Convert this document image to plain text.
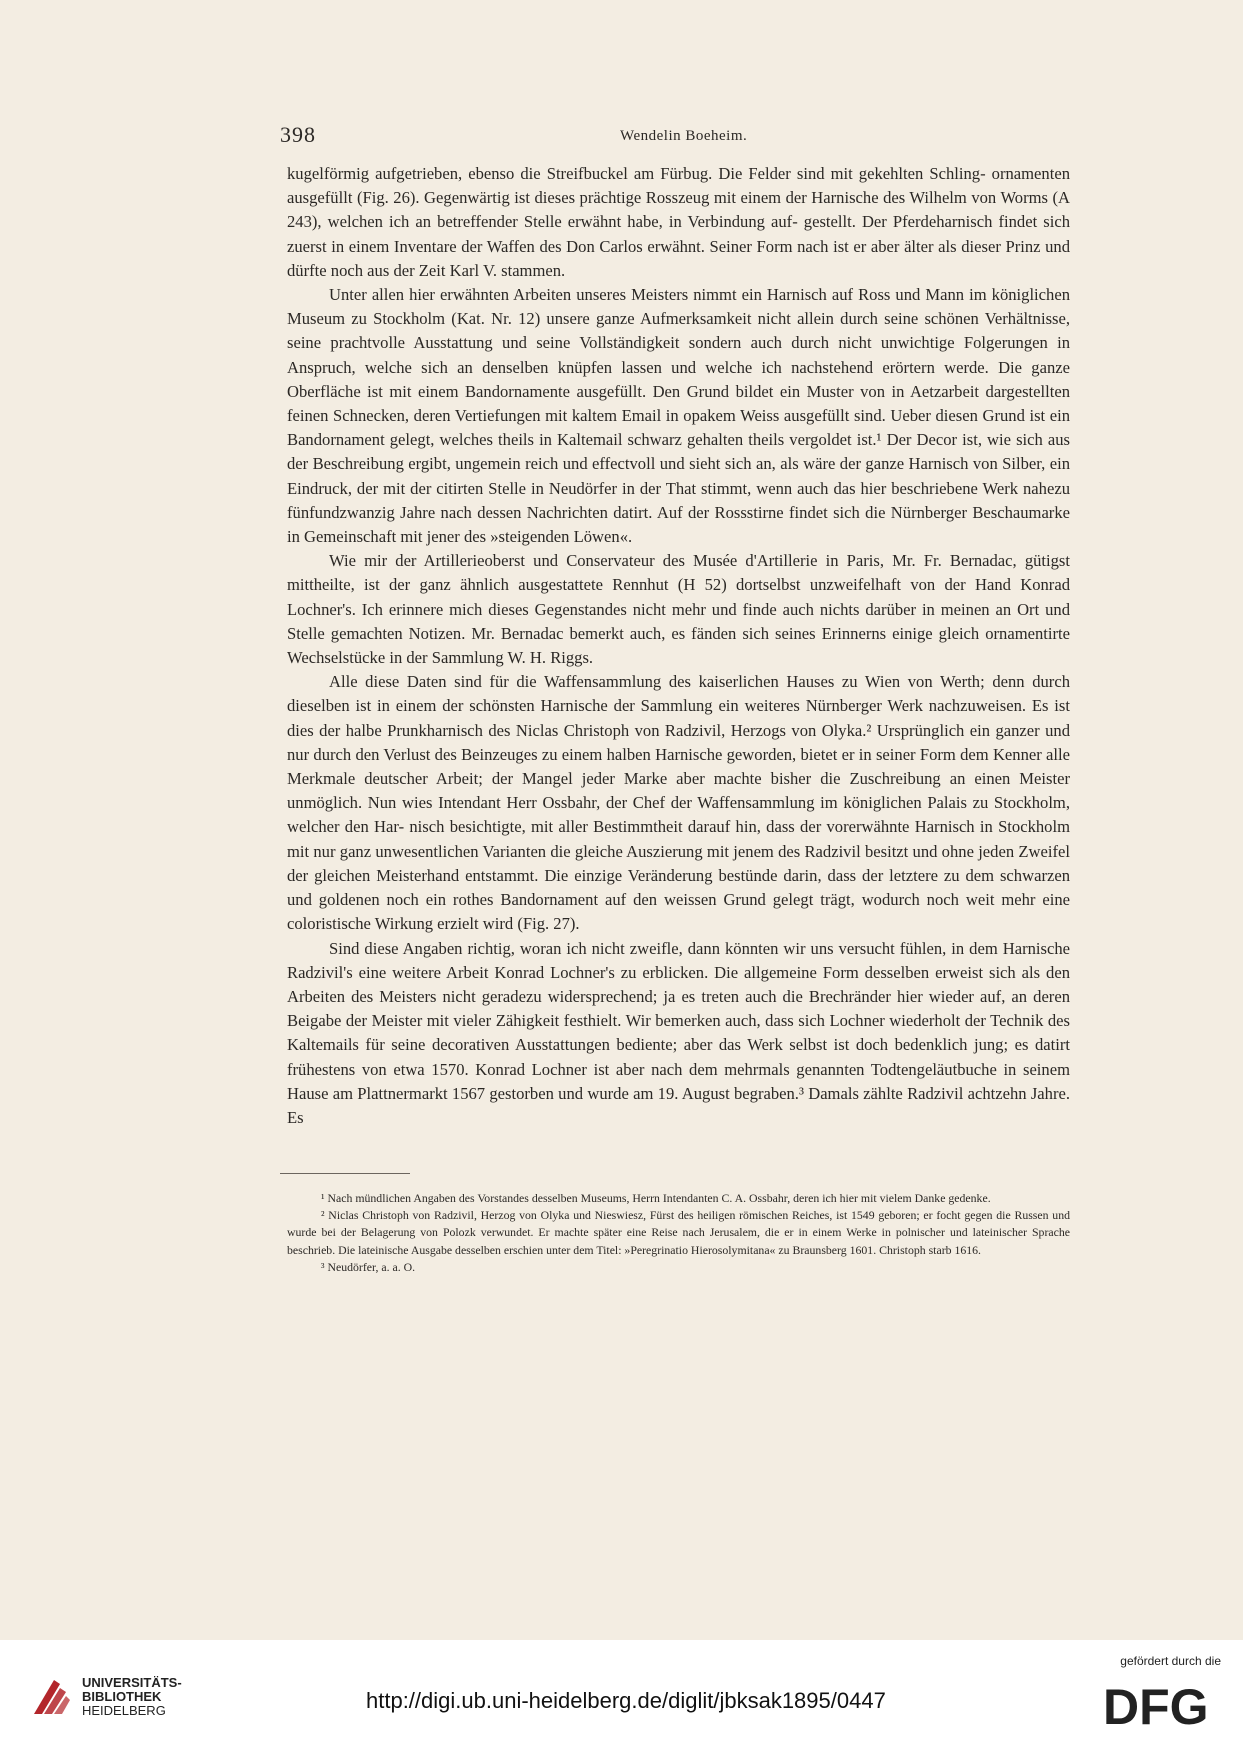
398	Wendelin Boeheim.

kugelförmig aufgetrieben, ebenso die Streifbuckel am Fürbug. Die Felder sind mit gekehlten Schling- ornamenten ausgefüllt (Fig. 26). Gegenwärtig ist dieses prächtige Rosszeug mit einem der Harnische des Wilhelm von Worms (A 243), welchen ich an betreffender Stelle erwähnt habe, in Verbindung auf- gestellt. Der Pferdeharnisch findet sich zuerst in einem Inventare der Waffen des Don Carlos erwähnt. Seiner Form nach ist er aber älter als dieser Prinz und dürfte noch aus der Zeit Karl V. stammen.

Unter allen hier erwähnten Arbeiten unseres Meisters nimmt ein Harnisch auf Ross und Mann im königlichen Museum zu Stockholm (Kat. Nr. 12) unsere ganze Aufmerksamkeit nicht allein durch seine schönen Verhältnisse, seine prachtvolle Ausstattung und seine Vollständigkeit sondern auch durch nicht unwichtige Folgerungen in Anspruch, welche sich an denselben knüpfen lassen und welche ich nachstehend erörtern werde. Die ganze Oberfläche ist mit einem Bandornamente ausgefüllt. Den Grund bildet ein Muster von in Aetzarbeit dargestellten feinen Schnecken, deren Vertiefungen mit kaltem Email in opakem Weiss ausgefüllt sind. Ueber diesen Grund ist ein Bandornament gelegt, welches theils in Kaltemail schwarz gehalten theils vergoldet ist.¹ Der Decor ist, wie sich aus der Beschreibung ergibt, ungemein reich und effectvoll und sieht sich an, als wäre der ganze Harnisch von Silber, ein Eindruck, der mit der citirten Stelle in Neudörfer in der That stimmt, wenn auch das hier beschriebene Werk nahezu fünfundzwanzig Jahre nach dessen Nachrichten datirt. Auf der Rossstirne findet sich die Nürnberger Beschaumarke in Gemeinschaft mit jener des »steigenden Löwen«.

Wie mir der Artillerieoberst und Conservateur des Musée d'Artillerie in Paris, Mr. Fr. Bernadac, gütigst mittheilte, ist der ganz ähnlich ausgestattete Rennhut (H 52) dortselbst unzweifelhaft von der Hand Konrad Lochner's. Ich erinnere mich dieses Gegenstandes nicht mehr und finde auch nichts darüber in meinen an Ort und Stelle gemachten Notizen. Mr. Bernadac bemerkt auch, es fänden sich seines Erinnerns einige gleich ornamentirte Wechselstücke in der Sammlung W. H. Riggs.

Alle diese Daten sind für die Waffensammlung des kaiserlichen Hauses zu Wien von Werth; denn durch dieselben ist in einem der schönsten Harnische der Sammlung ein weiteres Nürnberger Werk nachzuweisen. Es ist dies der halbe Prunkharnisch des Niclas Christoph von Radzivil, Herzogs von Olyka.² Ursprünglich ein ganzer und nur durch den Verlust des Beinzeuges zu einem halben Harnische geworden, bietet er in seiner Form dem Kenner alle Merkmale deutscher Arbeit; der Mangel jeder Marke aber machte bisher die Zuschreibung an einen Meister unmöglich. Nun wies Intendant Herr Ossbahr, der Chef der Waffensammlung im königlichen Palais zu Stockholm, welcher den Har- nisch besichtigte, mit aller Bestimmtheit darauf hin, dass der vorerwähnte Harnisch in Stockholm mit nur ganz unwesentlichen Varianten die gleiche Auszierung mit jenem des Radzivil besitzt und ohne jeden Zweifel der gleichen Meisterhand entstammt. Die einzige Veränderung bestünde darin, dass der letztere zu dem schwarzen und goldenen noch ein rothes Bandornament auf den weissen Grund gelegt trägt, wodurch noch weit mehr eine coloristische Wirkung erzielt wird (Fig. 27).

Sind diese Angaben richtig, woran ich nicht zweifle, dann könnten wir uns versucht fühlen, in dem Harnische Radzivil's eine weitere Arbeit Konrad Lochner's zu erblicken. Die allgemeine Form desselben erweist sich als den Arbeiten des Meisters nicht geradezu widersprechend; ja es treten auch die Brechränder hier wieder auf, an deren Beigabe der Meister mit vieler Zähigkeit festhielt. Wir bemerken auch, dass sich Lochner wiederholt der Technik des Kaltemails für seine decorativen Ausstattungen bediente; aber das Werk selbst ist doch bedenklich jung; es datirt frühestens von etwa 1570. Konrad Lochner ist aber nach dem mehrmals genannten Todtengeläutbuche in seinem Hause am Plattnermarkt 1567 gestorben und wurde am 19. August begraben.³ Damals zählte Radzivil achtzehn Jahre. Es

¹ Nach mündlichen Angaben des Vorstandes desselben Museums, Herrn Intendanten C. A. Ossbahr, deren ich hier mit vielem Danke gedenke.

² Niclas Christoph von Radzivil, Herzog von Olyka und Nieswiesz, Fürst des heiligen römischen Reiches, ist 1549 geboren; er focht gegen die Russen und wurde bei der Belagerung von Polozk verwundet. Er machte später eine Reise nach Jerusalem, die er in einem Werke in polnischer und lateinischer Sprache beschrieb. Die lateinische Ausgabe desselben erschien unter dem Titel: »Peregrinatio Hierosolymitana« zu Braunsberg 1601. Christoph starb 1616.

³ Neudörfer, a. a. O.

UNIVERSITÄTS-
BIBLIOTHEK
HEIDELBERG	http://digi.ub.uni-heidelberg.de/diglit/jbksak1895/0447
gefördert durch die
DFG
